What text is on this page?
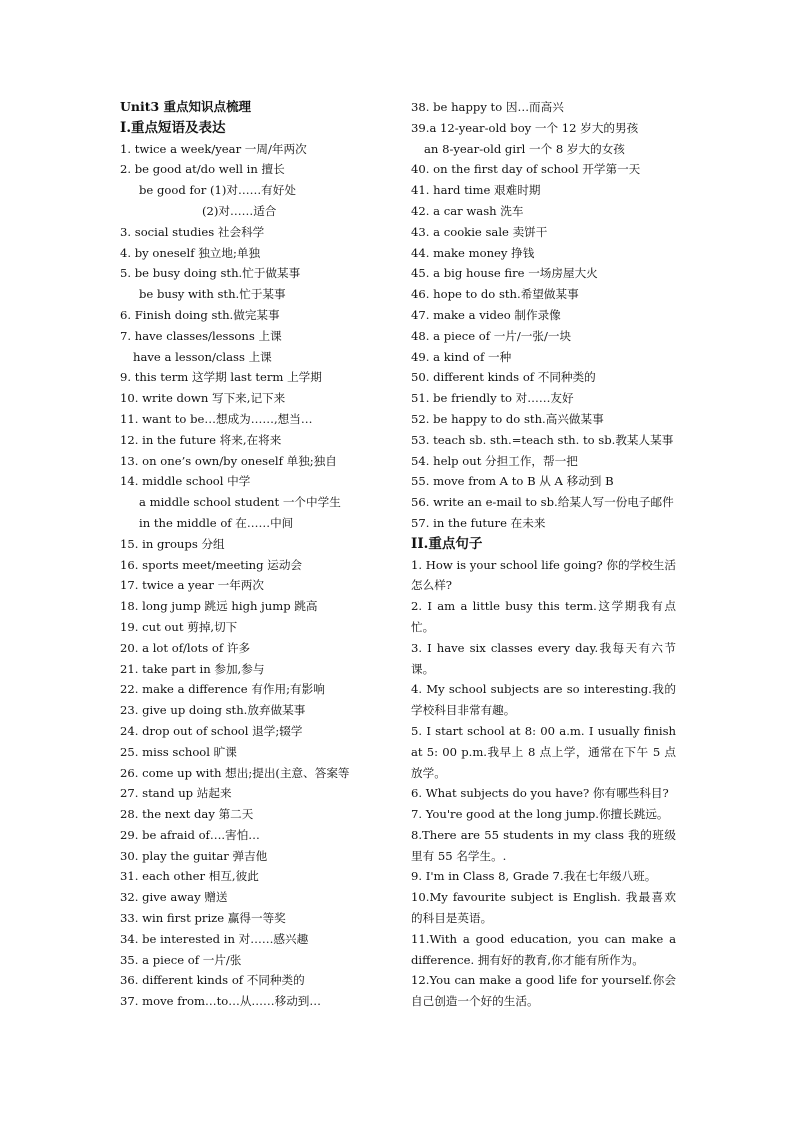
Unit3 重点知识点梳理
I.重点短语及表达
1. twice a week/year 一周/年两次
2. be good at/do well in 擅长
be good for (1)对……有好处
(2)对……适合
3. social studies 社会科学
4. by oneself 独立地;单独
5. be busy doing sth.忙于做某事
be busy with sth.忙于某事
6. Finish doing sth.做完某事
7. have classes/lessons 上课
have a lesson/class 上课
9. this term 这学期 last term 上学期
10. write down 写下来,记下来
11. want to be…想成为……,想当…
12. in the future 将来,在将来
13. on one’s own/by oneself 单独;独自
14. middle school 中学
a middle school student 一个中学生
in the middle of 在……中间
15. in groups 分组
16. sports meet/meeting 运动会
17. twice a year 一年两次
18. long jump 跳远 high jump 跳高
19. cut out 剪掉,切下
20. a lot of/lots of 许多
21. take part in 参加,参与
22. make a difference 有作用;有影响
23. give up doing sth.放弃做某事
24. drop out of school 退学;辍学
25. miss school 旷课
26. come up with 想出;提出(主意、答案等
27. stand up 站起来
28. the next day 第二天
29. be afraid of….害怕…
30. play the guitar 弹吉他
31. each other 相互,彼此
32. give away 赠送
33. win first prize 赢得一等奖
34. be interested in 对……感兴趣
35. a piece of 一片/张
36. different kinds of 不同种类的
37. move from…to…从……移动到…
38. be happy to 因…而高兴
39.a 12-year-old boy 一个 12 岁大的男孩
an 8-year-old girl 一个 8 岁大的女孩
40. on the first day of school 开学第一天
41. hard time 艰难时期
42. a car wash 洗车
43. a cookie sale 卖饼干
44. make money 挣钱
45. a big house fire 一场房屋大火
46. hope to do sth.希望做某事
47. make a video 制作录像
48. a piece of 一片/一张/一块
49. a kind of 一种
50. different kinds of 不同种类的
51. be friendly to 对……友好
52. be happy to do sth.高兴做某事
53. teach sb. sth.=teach sth. to sb.教某人某事
54. help out 分担工作，帮一把
55. move from A to B 从 A 移动到 B
56. write an e-mail to sb.给某人写一份电子邮件
57. in the future 在未来
II.重点句子
1. How is your school life going? 你的学校生活怎么样?
2. I am a little busy this term.这学期我有点忙。
3. I have six classes every day.我每天有六节课。
4. My school subjects are so interesting.我的学校科目非常有趣。
5. I start school at 8: 00 a.m. I usually finish at 5: 00 p.m.我早上 8 点上学，通常在下午 5 点放学。
6. What subjects do you have? 你有哪些科目?
7. You're good at the long jump.你擅长跳远。
8.There are 55 students in my class 我的班级里有 55 名学生。.
9. I'm in Class 8, Grade 7.我在七年级八班。
10.My favourite subject is English. 我最喜欢的科目是英语。
11.With a good education, you can make a difference. 拥有好的教育,你才能有所作为。
12.You can make a good life for yourself.你会自己创造一个好的生活。
